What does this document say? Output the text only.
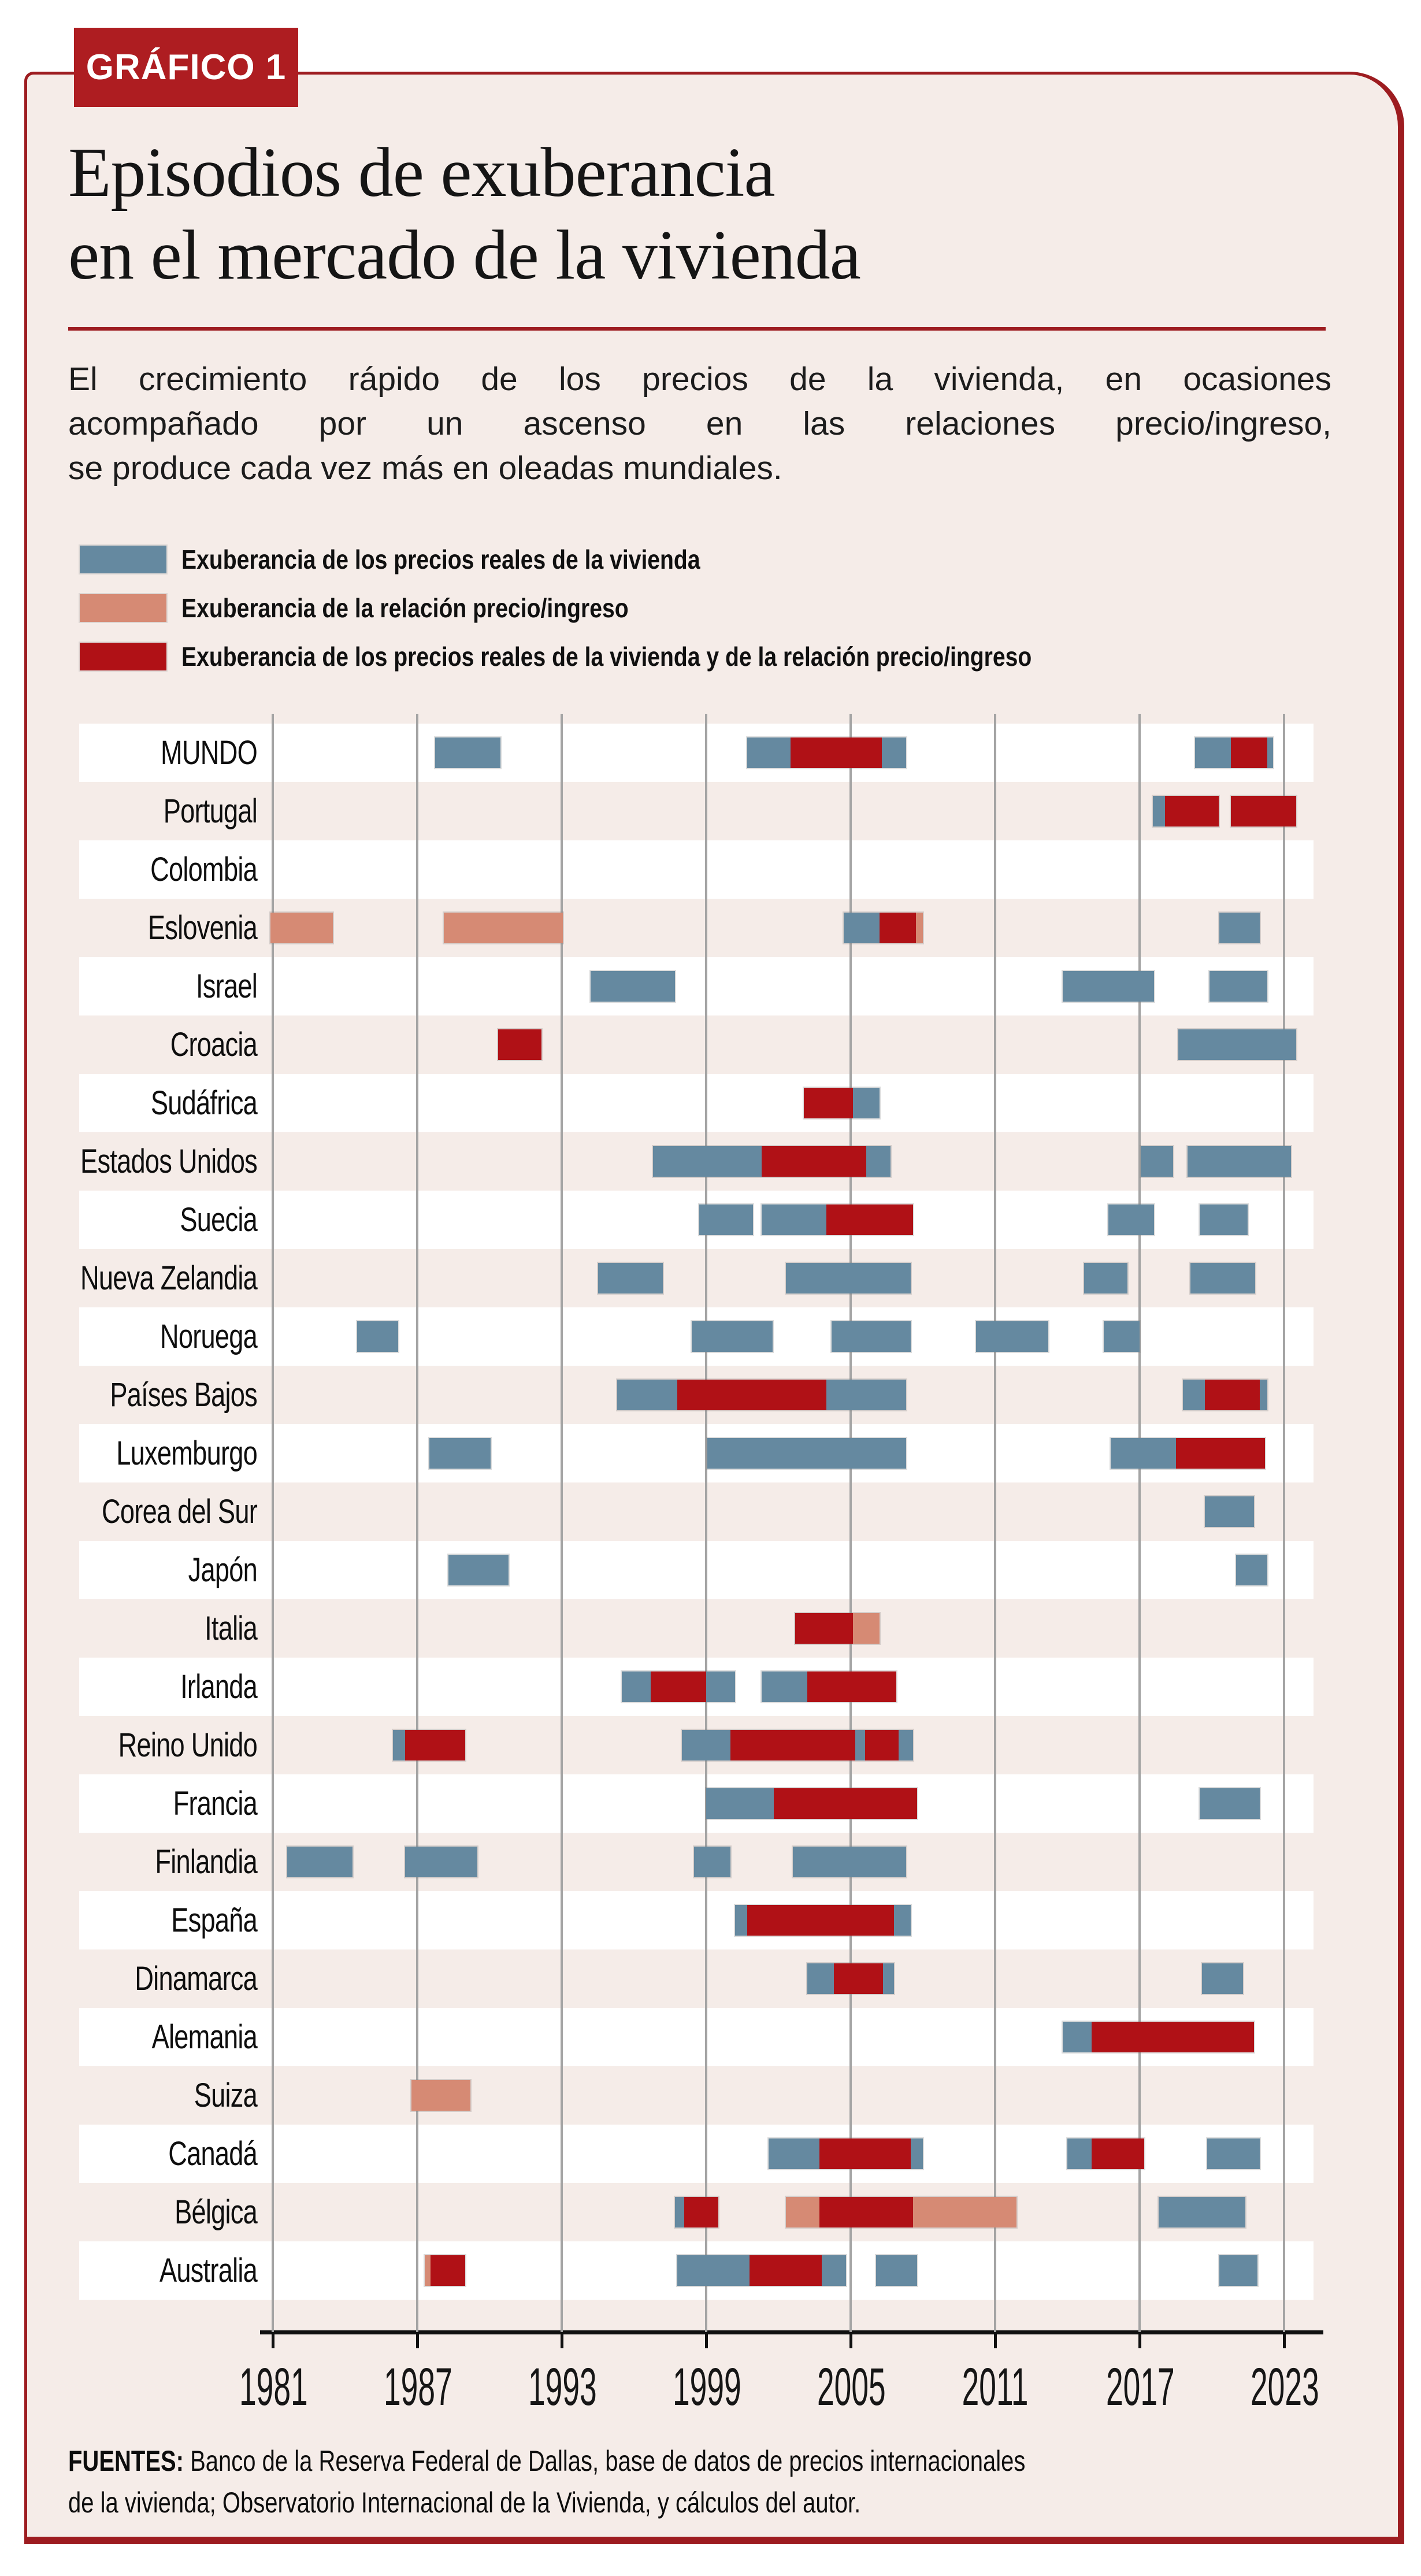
GRÁFICO 1
Episodios de exuberancia
en el mercado de la vivienda
El crecimiento rápido de los precios de la vivienda, en ocasiones
acompañado por un ascenso en las relaciones precio/ingreso,
se produce cada vez más en oleadas mundiales.
Exuberancia de los precios reales de la vivienda
Exuberancia de la relación precio/ingreso
Exuberancia de los precios reales de la vivienda y de la relación precio/ingreso
MUNDO
Portugal
Colombia
Eslovenia
Israel
Croacia
Sudáfrica
Estados Unidos
Suecia
Nueva Zelandia
Noruega
Países Bajos
Luxemburgo
Corea del Sur
Japón
Italia
Irlanda
Reino Unido
Francia
Finlandia
España
Dinamarca
Alemania
Suiza
Canadá
Bélgica
Australia
1981 1987 1993 1999 2005 2011 2017 2023
FUENTES: Banco de la Reserva Federal de Dallas, base de datos de precios internacionales
de la vivienda; Observatorio Internacional de la Vivienda, y cálculos del autor.
